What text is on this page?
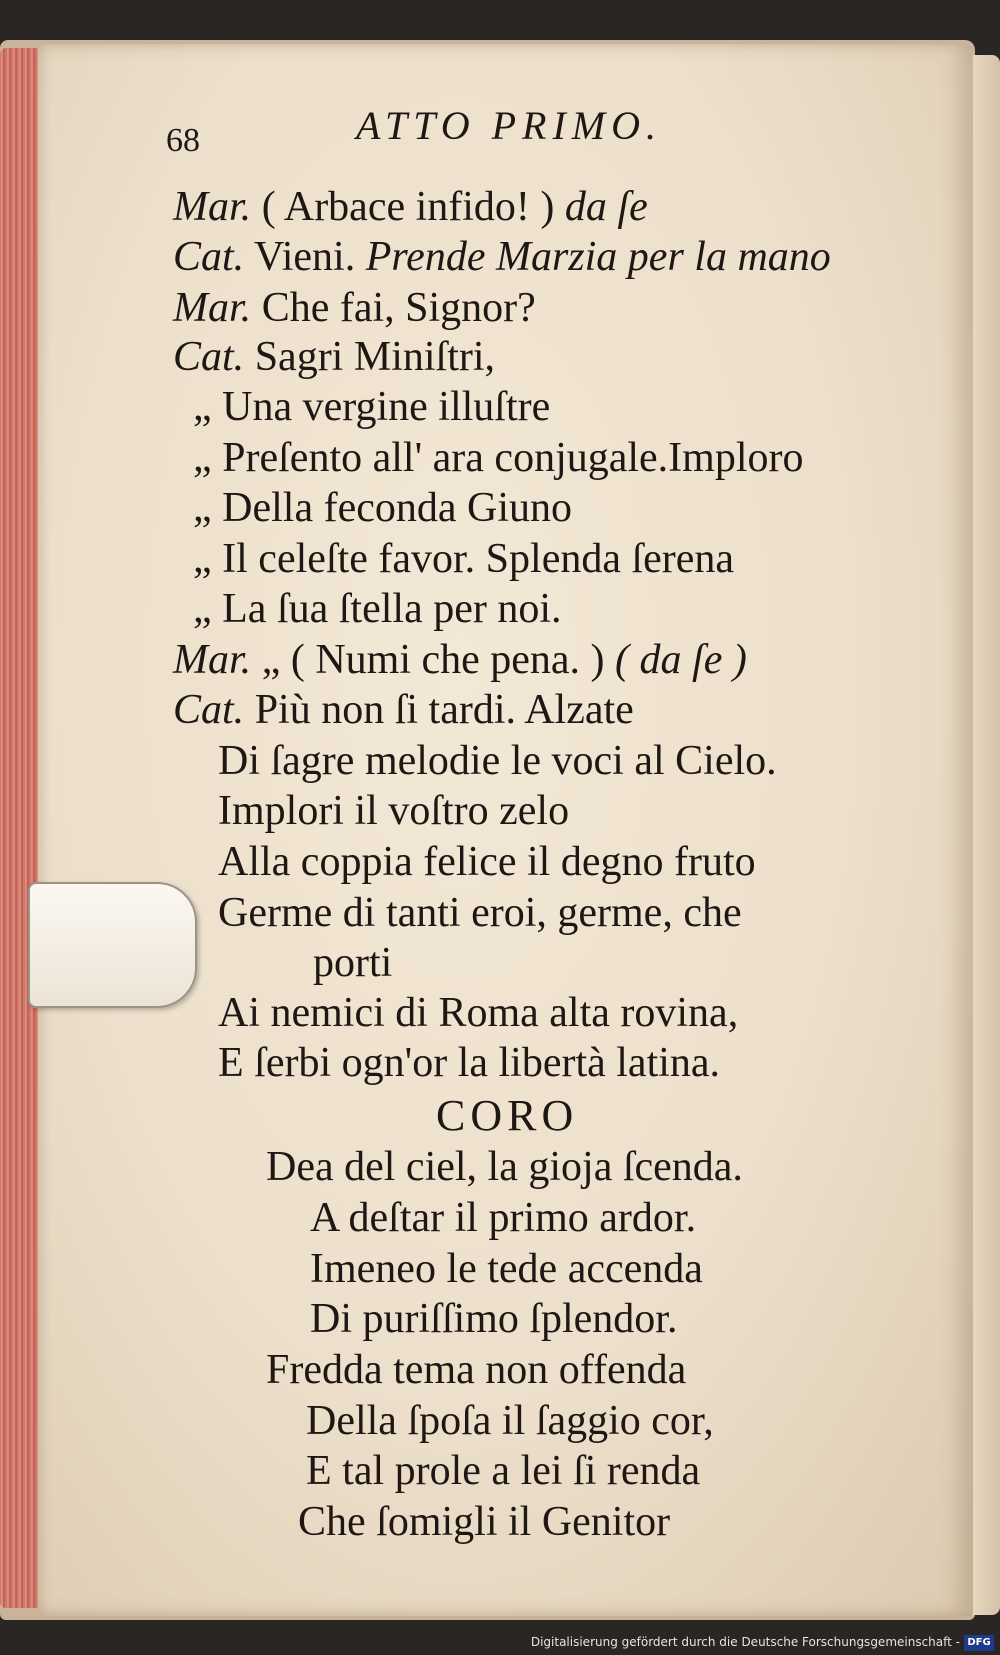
68	ATTO PRIMO.
Mar. ( Arbace infido! ) da ſe
Cat. Vieni. Prende Marzia per la mano
Mar. Che fai, Signor?
Cat. Sagri Miniſtri,
„ Una vergine illuſtre
„ Preſento all' ara conjugale.Imploro
„ Della feconda Giuno
„ Il celeſte favor. Splenda ſerena
„ La ſua ſtella per noi.
Mar. „ ( Numi che pena. ) ( da ſe )
Cat. Più non ſi tardi. Alzate
Di ſagre melodie le voci al Cielo.
Implori il voſtro zelo
Alla coppia felice il degno fruto
Germe di tanti eroi, germe, che
porti
Ai nemici di Roma alta rovina,
E ſerbi ogn'or la libertà latina.
CORO
Dea del ciel, la gioja ſcenda.
A deſtar il primo ardor.
Imeneo le tede accenda
Di puriſſimo ſplendor.
Fredda tema non offenda
Della ſpoſa il ſaggio cor,
E tal prole a lei ſi renda
Che ſomigli il Genitor
Digitalisierung gefördert durch die Deutsche Forschungsgemeinschaft - DFG
